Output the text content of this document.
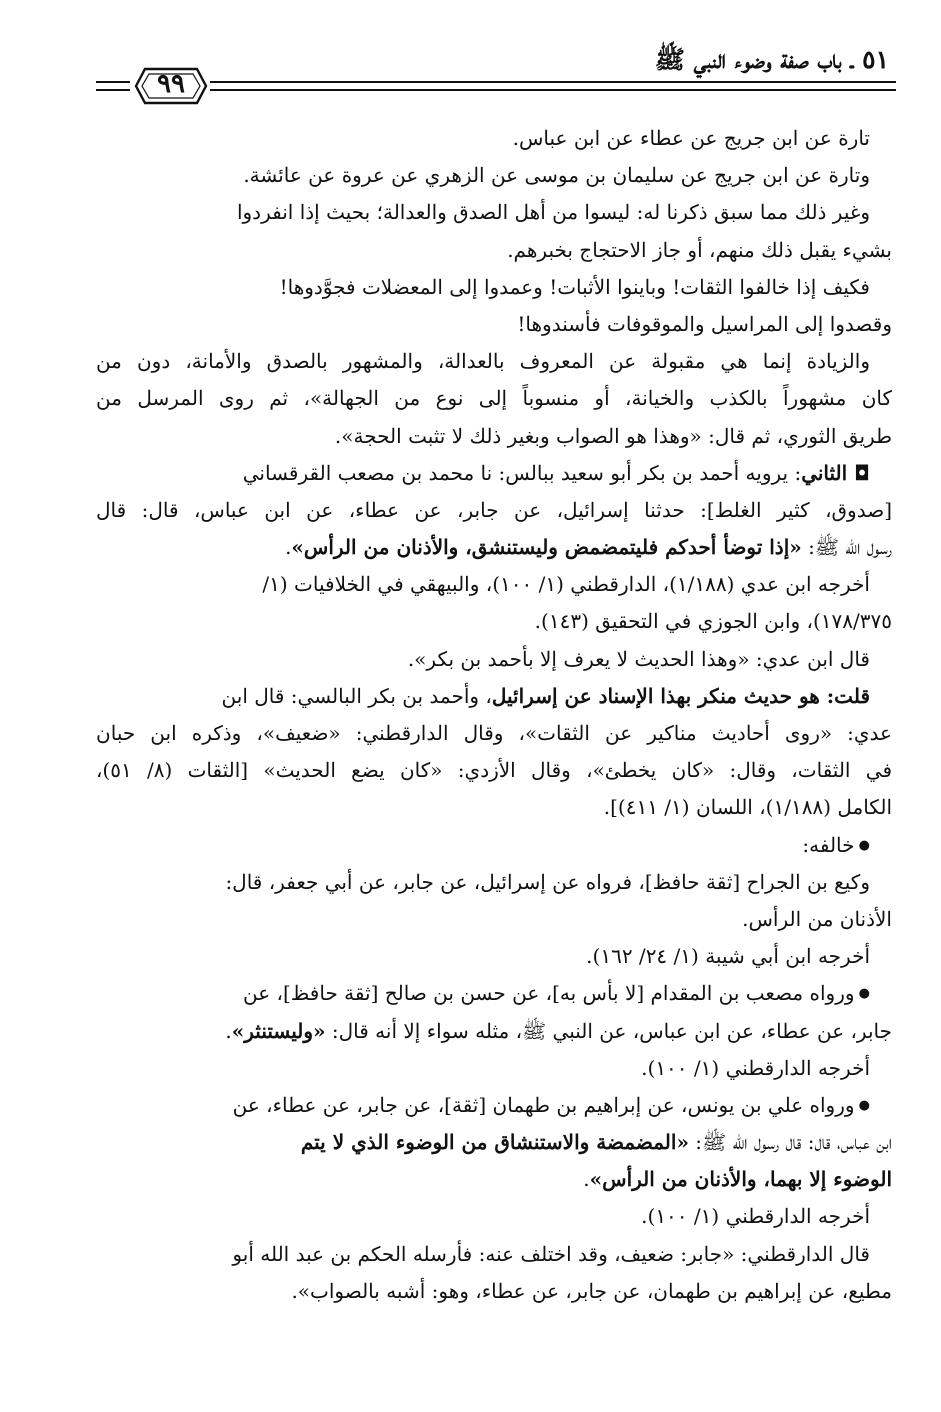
٥١ ـ باب صفة وضوء النبي ﷺ
٩٩
تارة عن ابن جريج عن عطاء عن ابن عباس.
وتارة عن ابن جريج عن سليمان بن موسى عن الزهري عن عروة عن عائشة.
وغير ذلك مما سبق ذكرنا له: ليسوا من أهل الصدق والعدالة؛ بحيث إذا انفردوا
بشيء يقبل ذلك منهم، أو جاز الاحتجاج بخبرهم.
فكيف إذا خالفوا الثقات! وباينوا الأثبات! وعمدوا إلى المعضلات فجوَّدوها!
وقصدوا إلى المراسيل والموقوفات فأسندوها!
والزيادة إنما هي مقبولة عن المعروف بالعدالة، والمشهور بالصدق والأمانة، دون من
كان مشهوراً بالكذب والخيانة، أو منسوباً إلى نوع من الجهالة»، ثم روى المرسل من
طريق الثوري، ثم قال: «وهذا هو الصواب وبغير ذلك لا تثبت الحجة».
◘ الثاني: يرويه أحمد بن بكر أبو سعيد ببالس: نا محمد بن مصعب القرقساني
[صدوق، كثير الغلط]: حدثنا إسرائيل، عن جابر، عن عطاء، عن ابن عباس، قال: قال
رسول الله ﷺ: «إذا توضأ أحدكم فليتمضمض وليستنشق، والأذنان من الرأس».
أخرجه ابن عدي (١/١٨٨)، الدارقطني (١/ ١٠٠)، والبيهقي في الخلافيات (١/
١٧٨/٣٧٥)، وابن الجوزي في التحقيق (١٤٣).
قال ابن عدي: «وهذا الحديث لا يعرف إلا بأحمد بن بكر».
قلت: هو حديث منكر بهذا الإسناد عن إسرائيل، وأحمد بن بكر البالسي: قال ابن
عدي: «روى أحاديث مناكير عن الثقات»، وقال الدارقطني: «ضعيف»، وذكره ابن حبان
في الثقات، وقال: «كان يخطئ»، وقال الأزدي: «كان يضع الحديث» [الثقات (٨/ ٥١)،
الكامل (١/١٨٨)، اللسان (١/ ٤١١)].
● خالفه:
وكيع بن الجراح [ثقة حافظ]، فرواه عن إسرائيل، عن جابر، عن أبي جعفر، قال:
الأذنان من الرأس.
أخرجه ابن أبي شيبة (١/ ٢٤/ ١٦٢).
● ورواه مصعب بن المقدام [لا بأس به]، عن حسن بن صالح [ثقة حافظ]، عن
جابر، عن عطاء، عن ابن عباس، عن النبي ﷺ، مثله سواء إلا أنه قال: «وليستنثر».
أخرجه الدارقطني (١/ ١٠٠).
● ورواه علي بن يونس، عن إبراهيم بن طهمان [ثقة]، عن جابر، عن عطاء، عن
ابن عباس، قال: قال رسول الله ﷺ: «المضمضة والاستنشاق من الوضوء الذي لا يتم
الوضوء إلا بهما، والأذنان من الرأس».
أخرجه الدارقطني (١/ ١٠٠).
قال الدارقطني: «جابر: ضعيف، وقد اختلف عنه: فأرسله الحكم بن عبد الله أبو
مطيع، عن إبراهيم بن طهمان، عن جابر، عن عطاء، وهو: أشبه بالصواب».
